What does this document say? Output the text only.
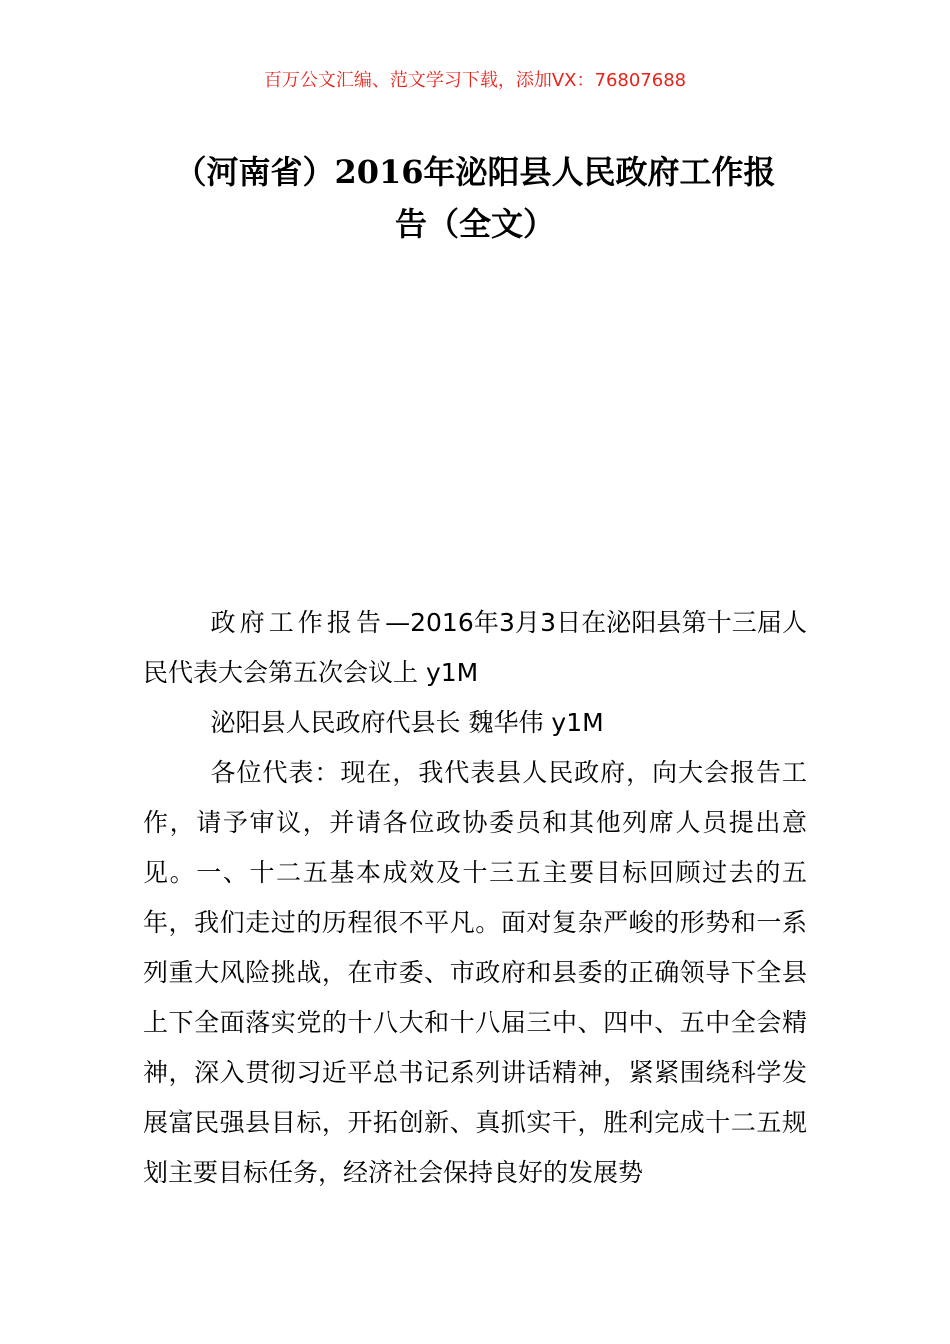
百万公文汇编、范文学习下载，添加VX：76807688
（河南省）2016年泌阳县人民政府工作报
告（全文）

政府工作报告—2016年3月3日在泌阳县第十三届人民代表大会第五次会议上 y1M

泌阳县人民政府代县长 魏华伟 y1M

各位代表：现在，我代表县人民政府，向大会报告工作，请予审议，并请各位政协委员和其他列席人员提出意见。一、十二五基本成效及十三五主要目标回顾过去的五年，我们走过的历程很不平凡。面对复杂严峻的形势和一系列重大风险挑战，在市委、市政府和县委的正确领导下全县上下全面落实党的十八大和十八届三中、四中、五中全会精神，深入贯彻习近平总书记系列讲话精神，紧紧围绕科学发展富民强县目标，开拓创新、真抓实干，胜利完成十二五规划主要目标任务，经济社会保持良好的发展势
